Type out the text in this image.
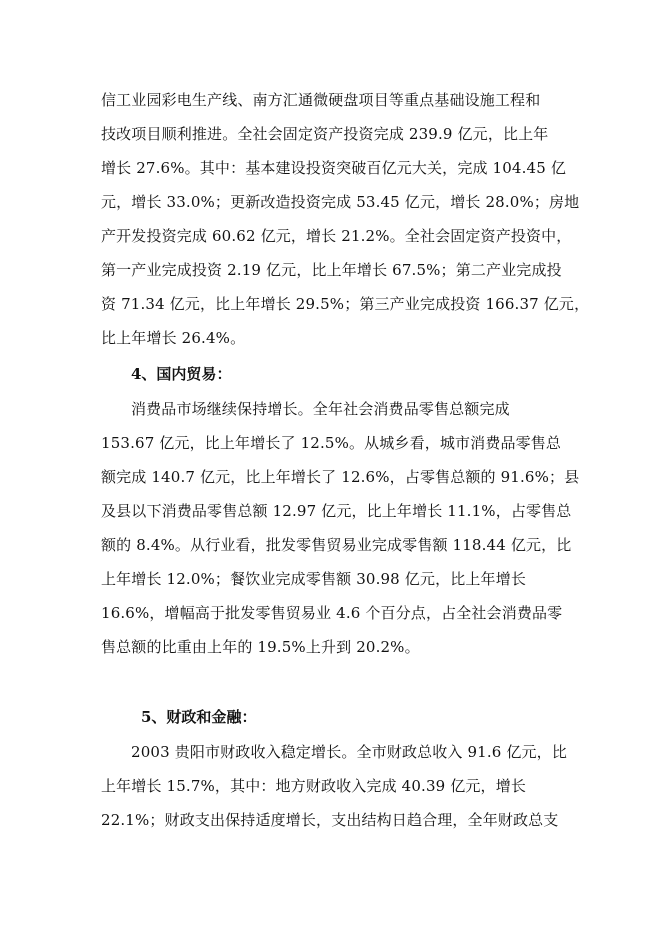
信工业园彩电生产线、南方汇通微硬盘项目等重点基础设施工程和
技改项目顺利推进。全社会固定资产投资完成 239.9 亿元，比上年
增长 27.6%。其中：基本建设投资突破百亿元大关，完成 104.45 亿
元，增长 33.0%；更新改造投资完成 53.45 亿元，增长 28.0%；房地
产开发投资完成 60.62 亿元，增长 21.2%。全社会固定资产投资中，
第一产业完成投资 2.19 亿元，比上年增长 67.5%；第二产业完成投
资 71.34 亿元，比上年增长 29.5%；第三产业完成投资 166.37 亿元，
比上年增长 26.4%。
4、国内贸易：
消费品市场继续保持增长。全年社会消费品零售总额完成
153.67 亿元，比上年增长了 12.5%。从城乡看，城市消费品零售总
额完成 140.7 亿元，比上年增长了 12.6%，占零售总额的 91.6%；县
及县以下消费品零售总额 12.97 亿元，比上年增长 11.1%，占零售总
额的 8.4%。从行业看，批发零售贸易业完成零售额 118.44 亿元，比
上年增长 12.0%；餐饮业完成零售额 30.98 亿元，比上年增长
16.6%，增幅高于批发零售贸易业 4.6 个百分点，占全社会消费品零
售总额的比重由上年的 19.5%上升到 20.2%。
5、财政和金融：
2003 贵阳市财政收入稳定增长。全市财政总收入 91.6 亿元，比
上年增长 15.7%，其中：地方财政收入完成 40.39 亿元，增长
22.1%；财政支出保持适度增长，支出结构日趋合理，全年财政总支
